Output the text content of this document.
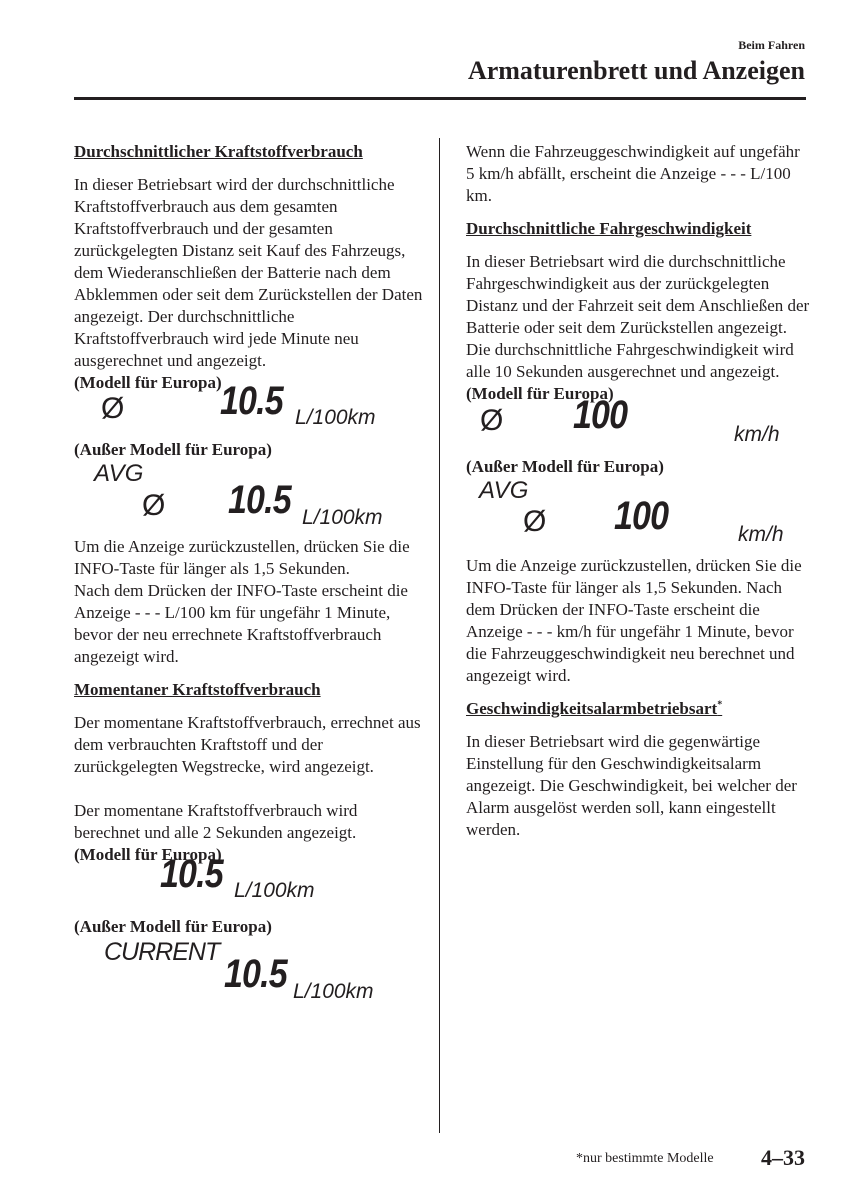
Beim Fahren
Armaturenbrett und Anzeigen

Durchschnittlicher Kraftstoffverbrauch

In dieser Betriebsart wird der durchschnittliche Kraftstoffverbrauch aus dem gesamten Kraftstoffverbrauch und der gesamten zurückgelegten Distanz seit Kauf des Fahrzeugs, dem Wiederanschließen der Batterie nach dem Abklemmen oder seit dem Zurückstellen der Daten angezeigt. Der durchschnittliche Kraftstoffverbrauch wird jede Minute neu ausgerechnet und angezeigt.

(Modell für Europa)

Ø 10.5 L/100km

(Außer Modell für Europa)

AVG
Ø 10.5 L/100km

Um die Anzeige zurückzustellen, drücken Sie die INFO-Taste für länger als 1,5 Sekunden.

Nach dem Drücken der INFO-Taste erscheint die Anzeige - - - L/100 km für ungefähr 1 Minute, bevor der neu errechnete Kraftstoffverbrauch angezeigt wird.

Momentaner Kraftstoffverbrauch

Der momentane Kraftstoffverbrauch, errechnet aus dem verbrauchten Kraftstoff und der zurückgelegten Wegstrecke, wird angezeigt.

Der momentane Kraftstoffverbrauch wird berechnet und alle 2 Sekunden angezeigt.

(Modell für Europa)

10.5 L/100km

(Außer Modell für Europa)

CURRENT 10.5 L/100km

Wenn die Fahrzeuggeschwindigkeit auf ungefähr 5 km/h abfällt, erscheint die Anzeige - - - L/100 km.

Durchschnittliche Fahrgeschwindigkeit

In dieser Betriebsart wird die durchschnittliche Fahrgeschwindigkeit aus der zurückgelegten Distanz und der Fahrzeit seit dem Anschließen der Batterie oder seit dem Zurückstellen angezeigt. Die durchschnittliche Fahrgeschwindigkeit wird alle 10 Sekunden ausgerechnet und angezeigt.

(Modell für Europa)

Ø 100	km/h

(Außer Modell für Europa)

AVG
Ø 100	km/h

Um die Anzeige zurückzustellen, drücken Sie die INFO-Taste für länger als 1,5 Sekunden. Nach dem Drücken der INFO-Taste erscheint die Anzeige - - - km/h für ungefähr 1 Minute, bevor die Fahrzeuggeschwindigkeit neu berechnet und angezeigt wird.

Geschwindigkeitsalarmbetriebsart*

In dieser Betriebsart wird die gegenwärtige Einstellung für den Geschwindigkeitsalarm angezeigt. Die Geschwindigkeit, bei welcher der Alarm ausgelöst werden soll, kann eingestellt werden.

*nur bestimmte Modelle 4–33
